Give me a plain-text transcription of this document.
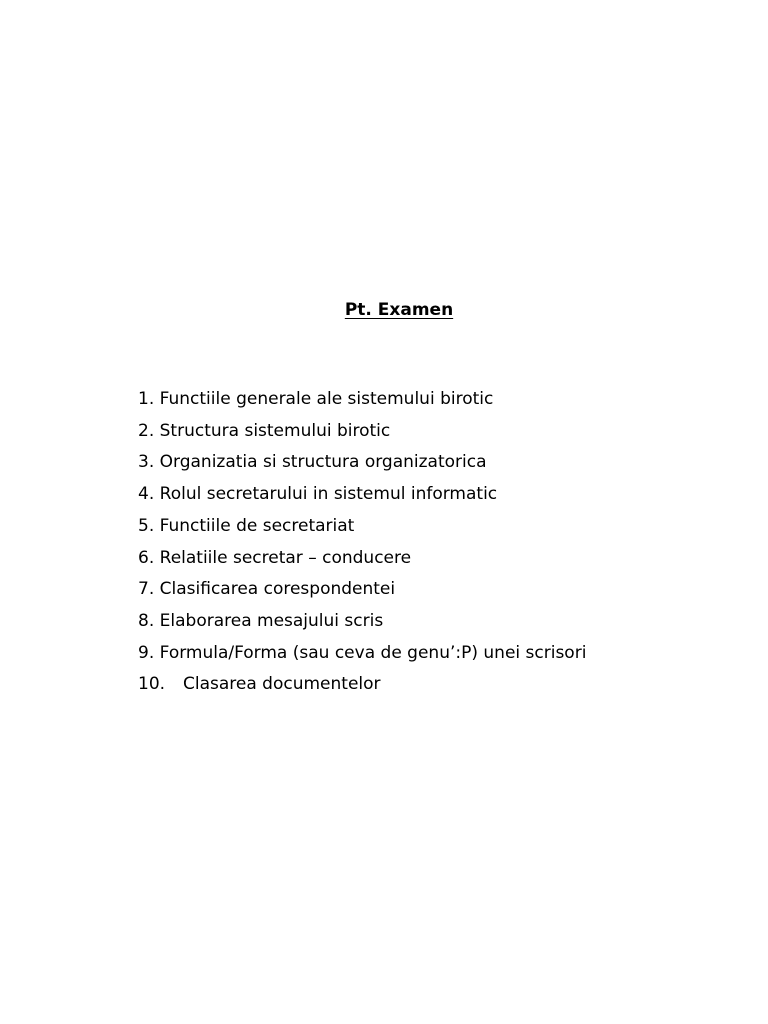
Pt. Examen
1.
Functiile generale ale sistemului birotic
2.
Structura sistemului birotic
3.
Organizatia si structura organizatorica
4.
Rolul secretarului in sistemul informatic
5.
Functiile de secretariat
6.
Relatiile secretar – conducere
7.
Clasificarea corespondentei
8.
Elaborarea mesajului scris
9.
Formula/Forma (sau ceva de genu’:P) unei scrisori
10.	Clasarea documentelor
